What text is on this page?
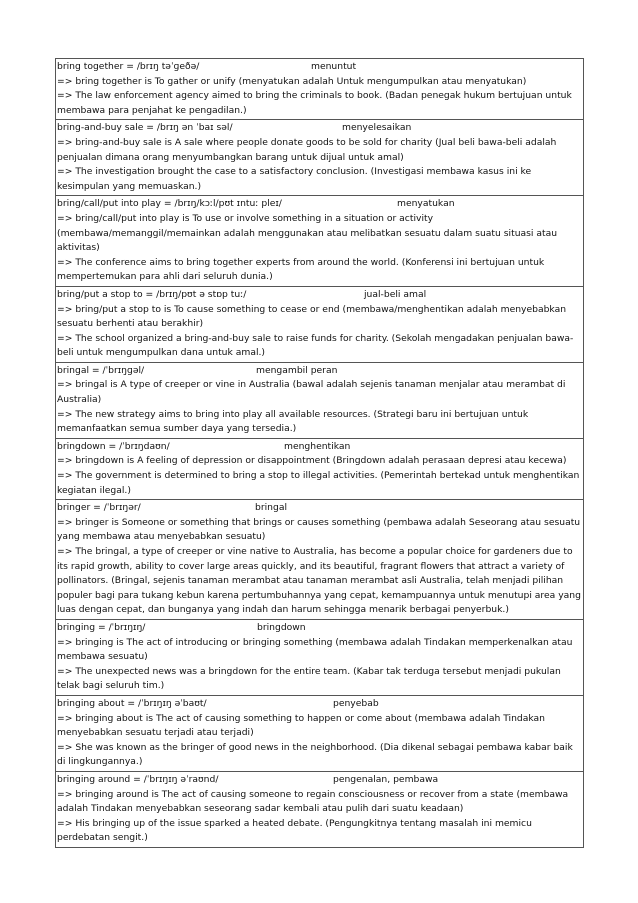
bring together = /brɪŋ təˈɡeðə/	menuntut
=> bring together is To gather or unify (menyatukan adalah Untuk mengumpulkan atau menyatukan)
=> The law enforcement agency aimed to bring the criminals to book. (Badan penegak hukum bertujuan untuk membawa para penjahat ke pengadilan.)
bring-and-buy sale = /brɪŋ ən ˈbaɪ səl/	menyelesaikan
=> bring-and-buy sale is A sale where people donate goods to be sold for charity (Jual beli bawa-beli adalah penjualan dimana orang menyumbangkan barang untuk dijual untuk amal)
=> The investigation brought the case to a satisfactory conclusion. (Investigasi membawa kasus ini ke kesimpulan yang memuaskan.)
bring/call/put into play = /brɪŋ/kɔːl/pʊt ɪntuː pleɪ/	menyatukan
=> bring/call/put into play is To use or involve something in a situation or activity (membawa/memanggil/memainkan adalah menggunakan atau melibatkan sesuatu dalam suatu situasi atau aktivitas)
=> The conference aims to bring together experts from around the world. (Konferensi ini bertujuan untuk mempertemukan para ahli dari seluruh dunia.)
bring/put a stop to = /brɪŋ/pʊt ə stɒp tuː/	jual-beli amal
=> bring/put a stop to is To cause something to cease or end (membawa/menghentikan adalah menyebabkan sesuatu berhenti atau berakhir)
=> The school organized a bring-and-buy sale to raise funds for charity. (Sekolah mengadakan penjualan bawa-beli untuk mengumpulkan dana untuk amal.)
bringal = /ˈbrɪŋɡəl/	mengambil peran
=> bringal is A type of creeper or vine in Australia (bawal adalah sejenis tanaman menjalar atau merambat di Australia)
=> The new strategy aims to bring into play all available resources. (Strategi baru ini bertujuan untuk memanfaatkan semua sumber daya yang tersedia.)
bringdown = /ˈbrɪŋdaʊn/	menghentikan
=> bringdown is A feeling of depression or disappointment (Bringdown adalah perasaan depresi atau kecewa)
=> The government is determined to bring a stop to illegal activities. (Pemerintah bertekad untuk menghentikan kegiatan ilegal.)
bringer = /ˈbrɪŋər/	bringal
=> bringer is Someone or something that brings or causes something (pembawa adalah Seseorang atau sesuatu yang membawa atau menyebabkan sesuatu)
=> The bringal, a type of creeper or vine native to Australia, has become a popular choice for gardeners due to its rapid growth, ability to cover large areas quickly, and its beautiful, fragrant flowers that attract a variety of pollinators. (Bringal, sejenis tanaman merambat atau tanaman merambat asli Australia, telah menjadi pilihan populer bagi para tukang kebun karena pertumbuhannya yang cepat, kemampuannya untuk menutupi area yang luas dengan cepat, dan bunganya yang indah dan harum sehingga menarik berbagai penyerbuk.)
bringing = /ˈbrɪŋɪŋ/	bringdown
=> bringing is The act of introducing or bringing something (membawa adalah Tindakan memperkenalkan atau membawa sesuatu)
=> The unexpected news was a bringdown for the entire team. (Kabar tak terduga tersebut menjadi pukulan telak bagi seluruh tim.)
bringing about = /ˈbrɪŋɪŋ əˈbaʊt/	penyebab
=> bringing about is The act of causing something to happen or come about (membawa adalah Tindakan menyebabkan sesuatu terjadi atau terjadi)
=> She was known as the bringer of good news in the neighborhood. (Dia dikenal sebagai pembawa kabar baik di lingkungannya.)
bringing around = /ˈbrɪŋɪŋ əˈraʊnd/	pengenalan, pembawa
=> bringing around is The act of causing someone to regain consciousness or recover from a state (membawa adalah Tindakan menyebabkan seseorang sadar kembali atau pulih dari suatu keadaan)
=> His bringing up of the issue sparked a heated debate. (Pengungkitnya tentang masalah ini memicu perdebatan sengit.)
